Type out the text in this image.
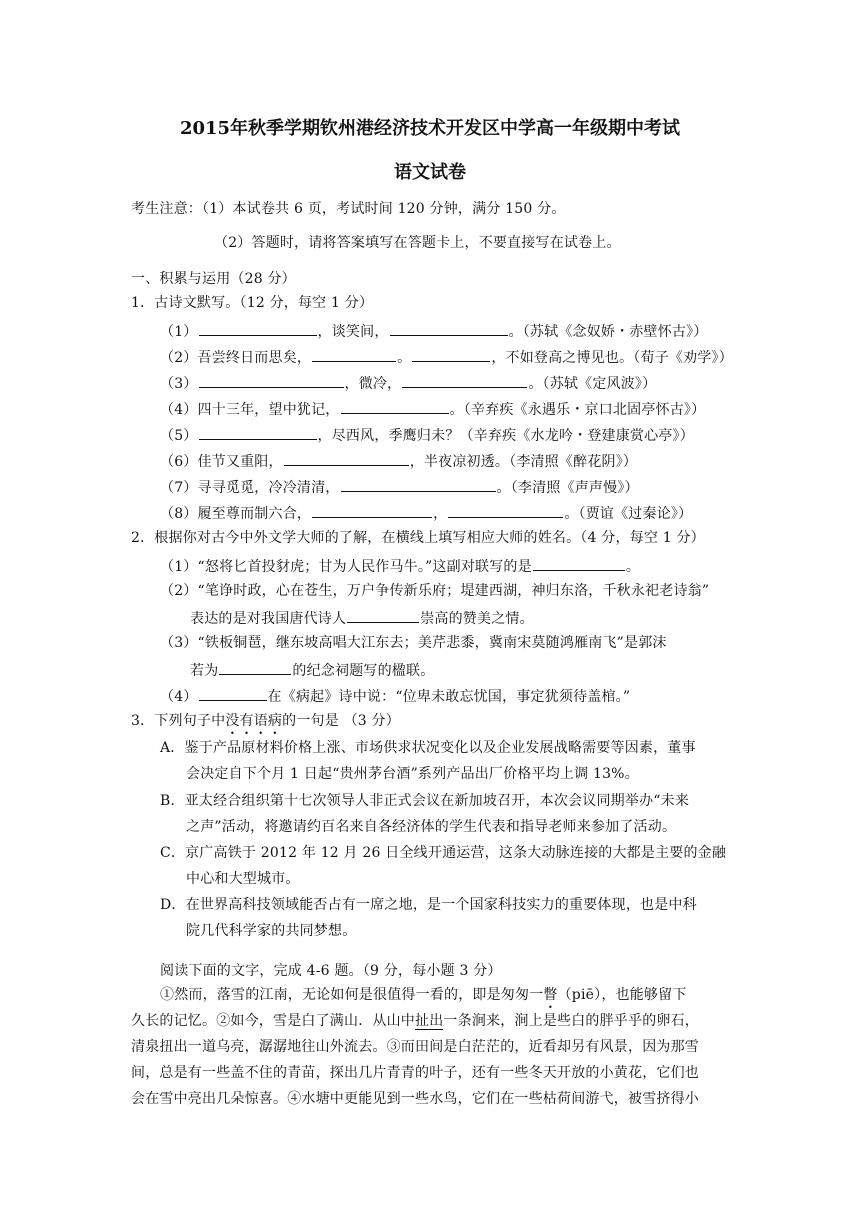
2015年秋季学期钦州港经济技术开发区中学高一年级期中考试
语文试卷
考生注意：（1）本试卷共 6 页，考试时间 120 分钟，满分 150 分。
（2）答题时，请将答案填写在答题卡上，不要直接写在试卷上。
一、积累与运用（28 分）
1．古诗文默写。（12 分，每空 1 分）
（1）	，谈笑间，	。（苏轼《念奴娇・赤壁怀古》）
（2）吾尝终日而思矣，	。	，不如登高之博见也。（荀子《劝学》）
（3）	，微冷，	。（苏轼《定风波》）
（4）四十三年，望中犹记，	。（辛弃疾《永遇乐・京口北固亭怀古》）
（5）	，尽西风，季鹰归未？（辛弃疾《水龙吟・登建康赏心亭》）
（6）佳节又重阳，	，半夜凉初透。（李清照《醉花阴》）
（7）寻寻觅觅，冷冷清清，	。（李清照《声声慢》）
（8）履至尊而制六合，	，	。（贾谊《过秦论》）
2．根据你对古今中外文学大师的了解，在横线上填写相应大师的姓名。（4 分，每空 1 分）
（1）“怒将匕首投豺虎；甘为人民作马牛。”这副对联写的是	。
（2）“笔诤时政，心在苍生，万户争传新乐府；堤建西湖，神归东洛，千秋永祀老诗翁”
表达的是对我国唐代诗人	崇高的赞美之情。
（3）“铁板铜琶，继东坡高唱大江东去；美芹悲黍，冀南宋莫随鸿雁南飞”是郭沫
若为	的纪念祠题写的楹联。
（4）	在《病起》诗中说：“位卑未敢忘忧国，事定犹须待盖棺。”
3．下列句子中没有语病的一句是 （3 分）
A．鉴于产品原材料价格上涨、市场供求状况变化以及企业发展战略需要等因素，董事
会决定自下个月 1 日起“贵州茅台酒”系列产品出厂价格平均上调 13%。
B．亚太经合组织第十七次领导人非正式会议在新加坡召开，本次会议同期举办“未来
之声”活动，将邀请约百名来自各经济体的学生代表和指导老师来参加了活动。
C．京广高铁于 2012 年 12 月 26 日全线开通运营，这条大动脉连接的大都是主要的金融
中心和大型城市。
D．在世界高科技领域能否占有一席之地，是一个国家科技实力的重要体现，也是中科
院几代科学家的共同梦想。
阅读下面的文字，完成 4-6 题。（9 分，每小题 3 分）
①然而，落雪的江南，无论如何是很值得一看的，即是匆匆一瞥（piē），也能够留下
久长的记忆。②如今，雪是白了满山．从山中扯出一条涧来，涧上是些白的胖乎乎的卵石，
清泉扭出一道乌亮，潺潺地往山外流去。③而田间是白茫茫的，近看却另有风景，因为那雪
间，总是有一些盖不住的青苗，探出几片青青的叶子，还有一些冬天开放的小黄花，它们也
会在雪中亮出几朵惊喜。④水塘中更能见到一些水鸟，它们在一些枯荷间游弋，被雪挤得小
